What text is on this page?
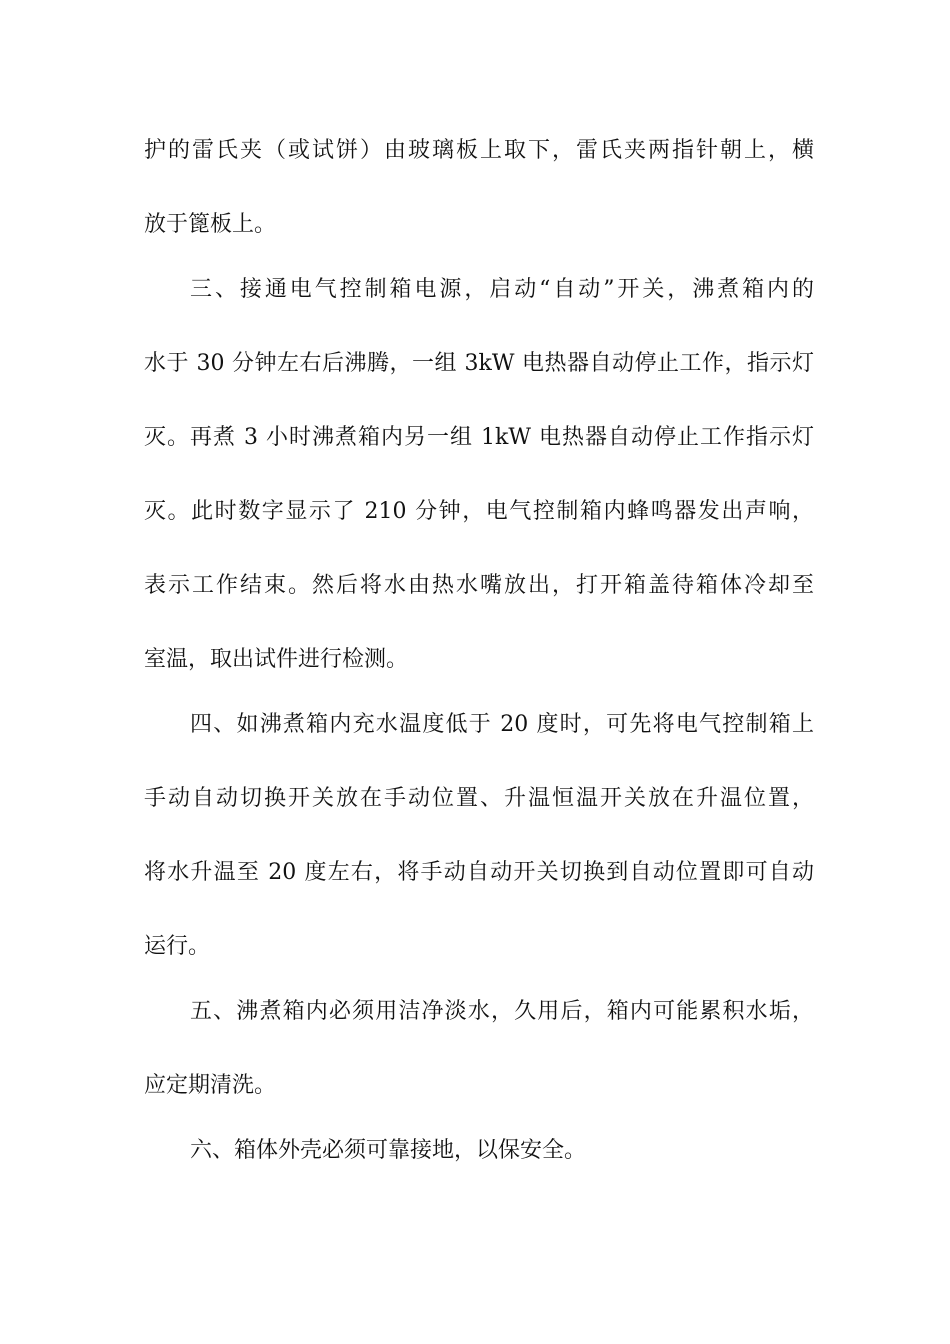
护的雷氏夹（或试饼）由玻璃板上取下，雷氏夹两指针朝上，横
放于篦板上。
三、接通电气控制箱电源，启动“自动”开关，沸煮箱内的
水于 30 分钟左右后沸腾，一组 3kW 电热器自动停止工作，指示灯
灭。再煮 3 小时沸煮箱内另一组 1kW 电热器自动停止工作指示灯
灭。此时数字显示了 210 分钟，电气控制箱内蜂鸣器发出声响，
表示工作结束。然后将水由热水嘴放出，打开箱盖待箱体冷却至
室温，取出试件进行检测。
四、如沸煮箱内充水温度低于 20 度时，可先将电气控制箱上
手动自动切换开关放在手动位置、升温恒温开关放在升温位置，
将水升温至 20 度左右，将手动自动开关切换到自动位置即可自动
运行。
五、沸煮箱内必须用洁净淡水，久用后，箱内可能累积水垢，
应定期清洗。
六、箱体外壳必须可靠接地，以保安全。
